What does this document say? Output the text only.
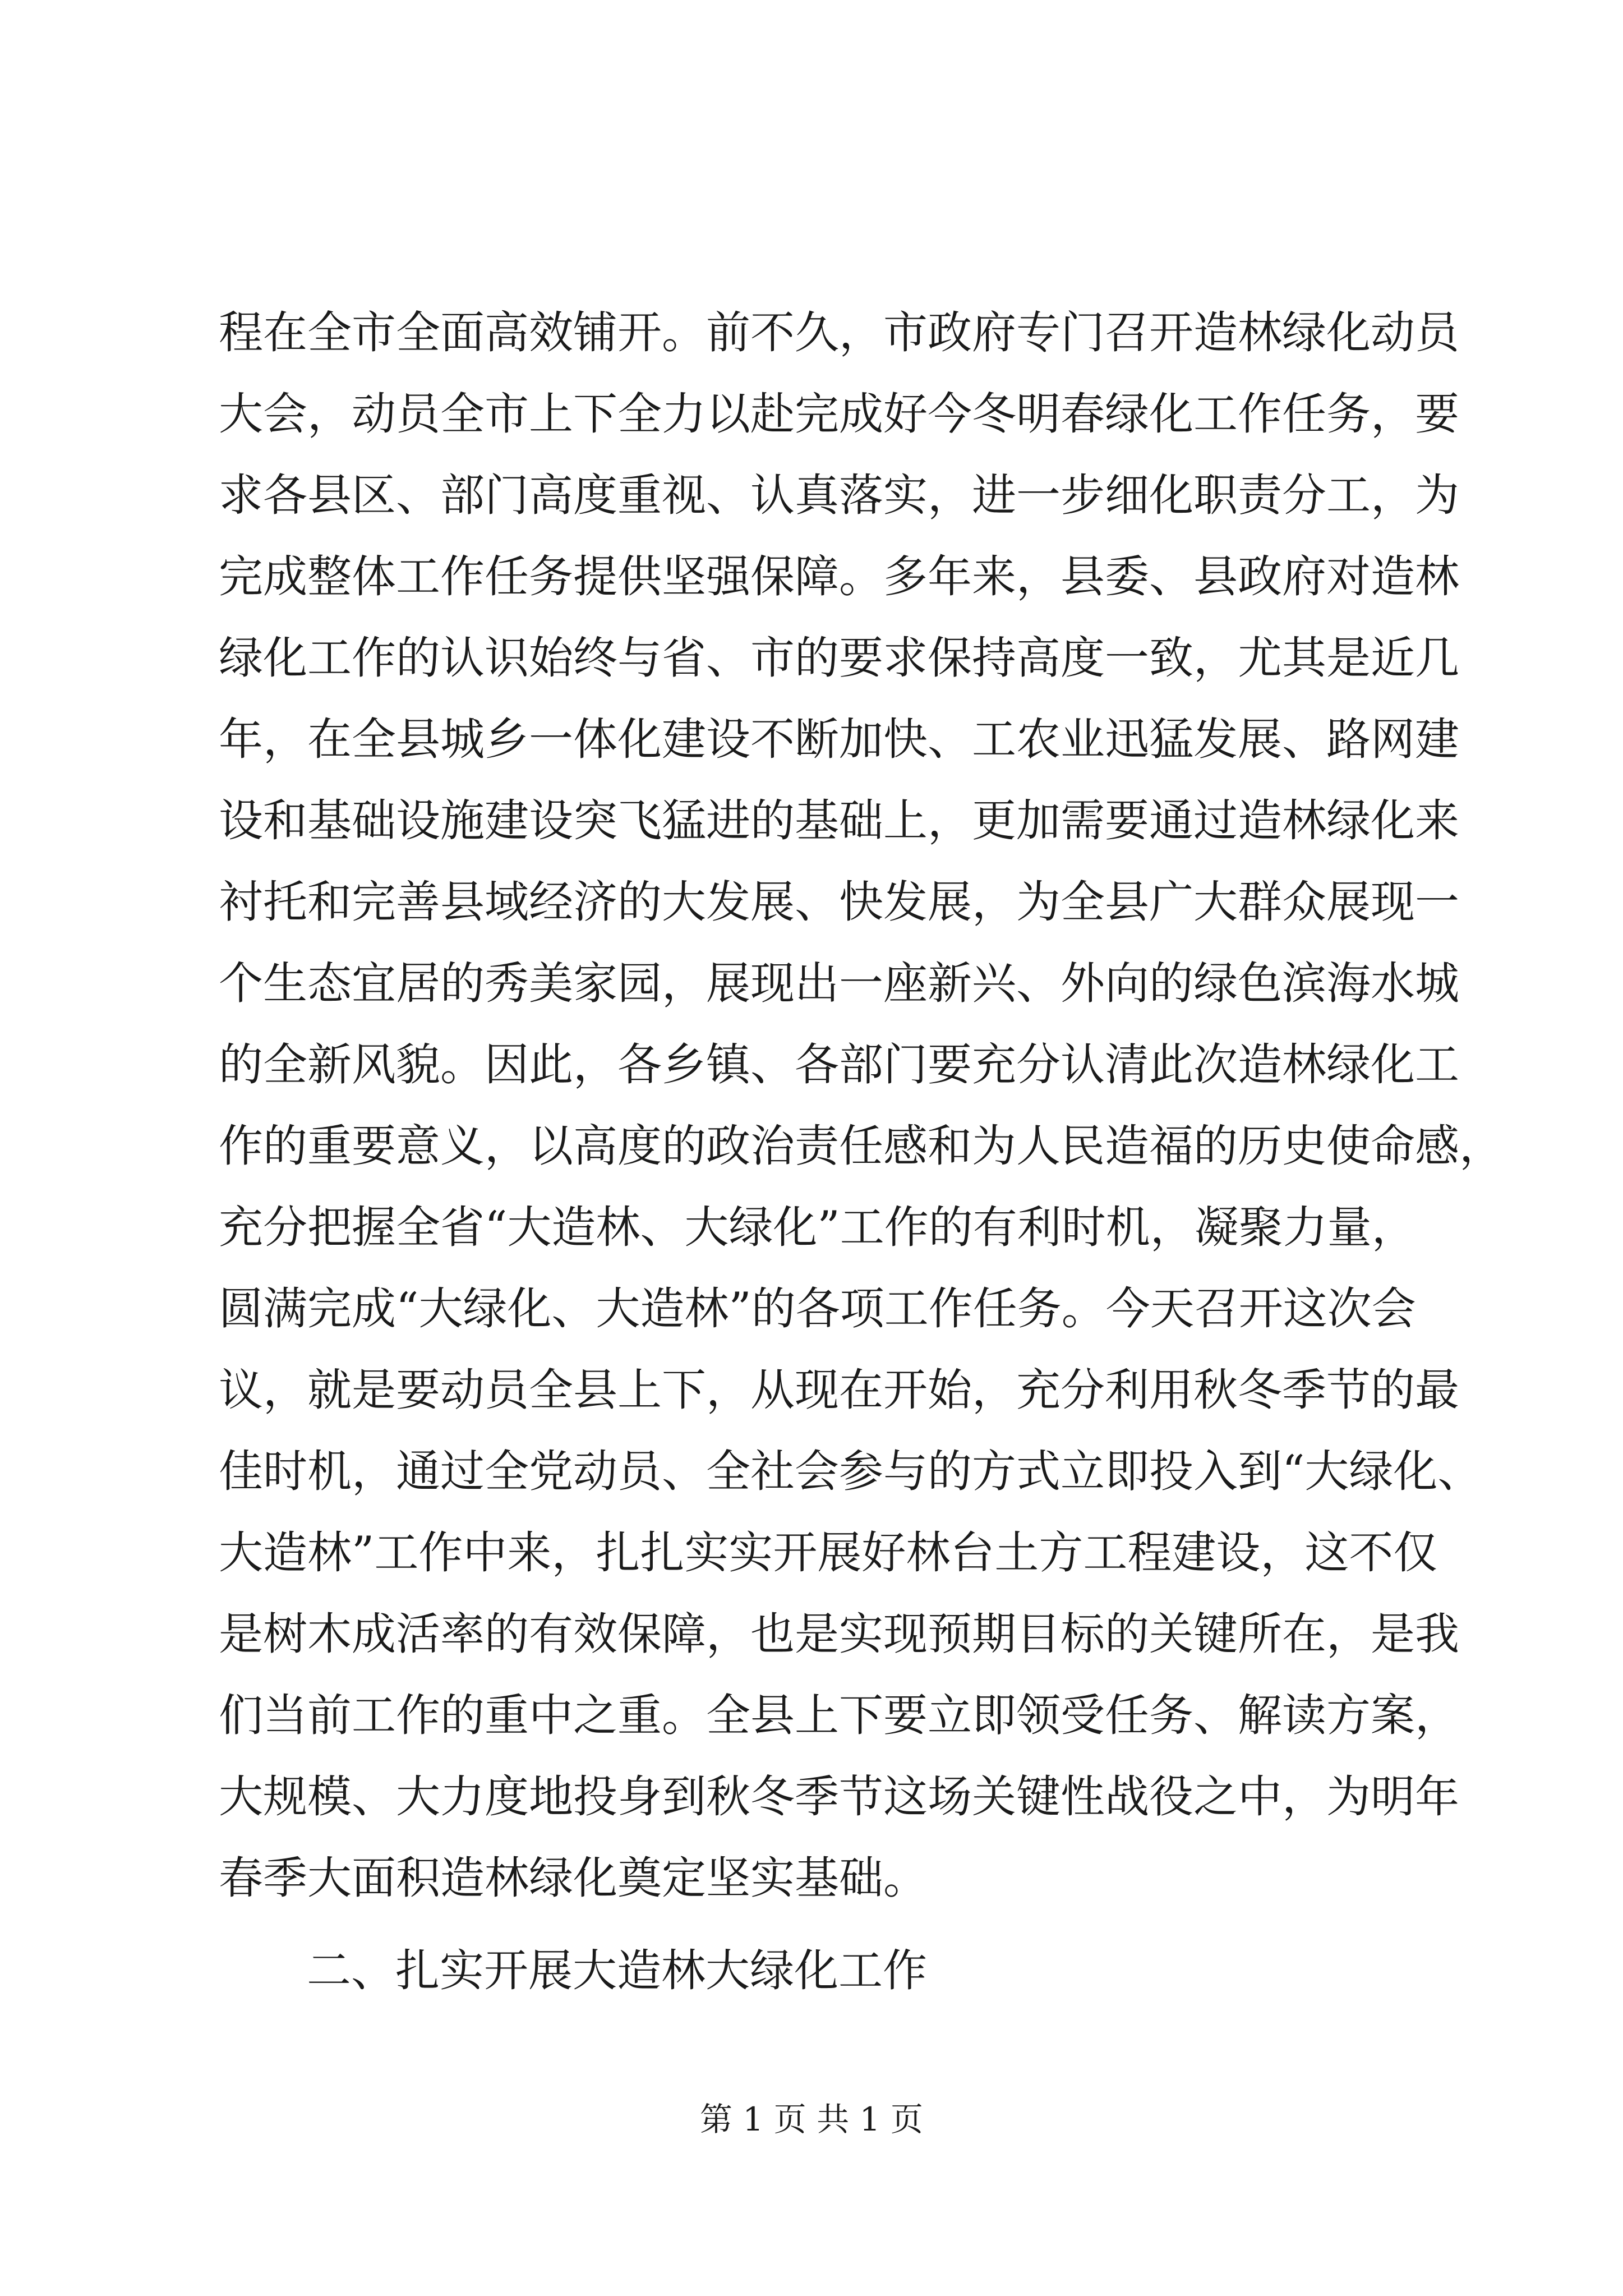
程在全市全面高效铺开。前不久，市政府专门召开造林绿化动员
大会，动员全市上下全力以赴完成好今冬明春绿化工作任务，要
求各县区、部门高度重视、认真落实，进一步细化职责分工，为
完成整体工作任务提供坚强保障。多年来，县委、县政府对造林
绿化工作的认识始终与省、市的要求保持高度一致，尤其是近几
年，在全县城乡一体化建设不断加快、工农业迅猛发展、路网建
设和基础设施建设突飞猛进的基础上，更加需要通过造林绿化来
衬托和完善县域经济的大发展、快发展，为全县广大群众展现一
个生态宜居的秀美家园，展现出一座新兴、外向的绿色滨海水城
的全新风貌。因此，各乡镇、各部门要充分认清此次造林绿化工
作的重要意义，以高度的政治责任感和为人民造福的历史使命感，
充分把握全省“大造林、大绿化”工作的有利时机，凝聚力量，
圆满完成“大绿化、大造林”的各项工作任务。今天召开这次会
议，就是要动员全县上下，从现在开始，充分利用秋冬季节的最
佳时机，通过全党动员、全社会参与的方式立即投入到“大绿化、
大造林”工作中来，扎扎实实开展好林台土方工程建设，这不仅
是树木成活率的有效保障，也是实现预期目标的关键所在，是我
们当前工作的重中之重。全县上下要立即领受任务、解读方案，
大规模、大力度地投身到秋冬季节这场关键性战役之中，为明年
春季大面积造林绿化奠定坚实基础。
二、扎实开展大造林大绿化工作
第 1 页 共 1 页
